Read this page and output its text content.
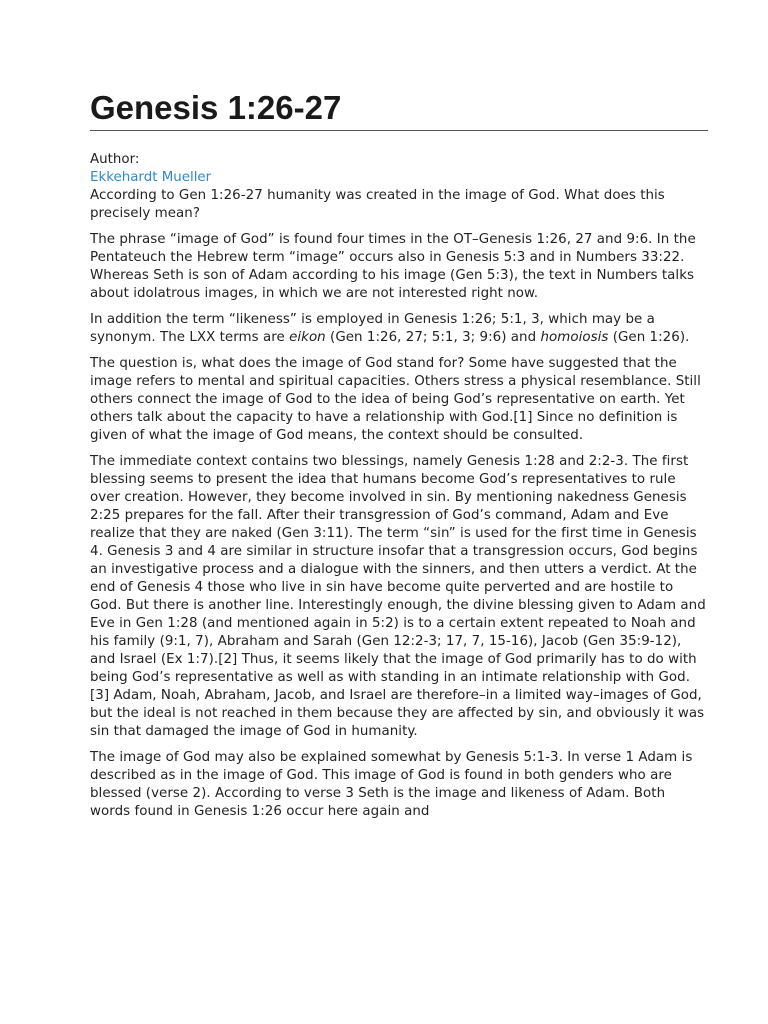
Genesis 1:26-27
Author:
Ekkehardt Mueller

According to Gen 1:26-27 humanity was created in the image of God. What does this precisely mean?

The phrase “image of God” is found four times in the OT–Genesis 1:26, 27 and 9:6. In the Pentateuch the Hebrew term “image” occurs also in Genesis 5:3 and in Numbers 33:22. Whereas Seth is son of Adam according to his image (Gen 5:3), the text in Numbers talks about idolatrous images, in which we are not interested right now.

In addition the term “likeness” is employed in Genesis 1:26; 5:1, 3, which may be a synonym. The LXX terms are eikon (Gen 1:26, 27; 5:1, 3; 9:6) and homoiosis (Gen 1:26).

The question is, what does the image of God stand for? Some have suggested that the image refers to mental and spiritual capacities. Others stress a physical resemblance. Still others connect the image of God to the idea of being God’s representative on earth. Yet others talk about the capacity to have a relationship with God.[1] Since no definition is given of what the image of God means, the context should be consulted.

The immediate context contains two blessings, namely Genesis 1:28 and 2:2-3. The first blessing seems to present the idea that humans become God’s representatives to rule over creation. However, they become involved in sin. By mentioning nakedness Genesis 2:25 prepares for the fall. After their transgression of God’s command, Adam and Eve realize that they are naked (Gen 3:11). The term “sin” is used for the first time in Genesis 4. Genesis 3 and 4 are similar in structure insofar that a transgression occurs, God begins an investigative process and a dialogue with the sinners, and then utters a verdict. At the end of Genesis 4 those who live in sin have become quite perverted and are hostile to God. But there is another line. Interestingly enough, the divine blessing given to Adam and Eve in Gen 1:28 (and mentioned again in 5:2) is to a certain extent repeated to Noah and his family (9:1, 7), Abraham and Sarah (Gen 12:2-3; 17, 7, 15-16), Jacob (Gen 35:9-12), and Israel (Ex 1:7).[2] Thus, it seems likely that the image of God primarily has to do with being God’s representative as well as with standing in an intimate relationship with God.[3] Adam, Noah, Abraham, Jacob, and Israel are therefore–in a limited way–images of God, but the ideal is not reached in them because they are affected by sin, and obviously it was sin that damaged the image of God in humanity.

The image of God may also be explained somewhat by Genesis 5:1-3. In verse 1 Adam is described as in the image of God. This image of God is found in both genders who are blessed (verse 2). According to verse 3 Seth is the image and likeness of Adam. Both words found in Genesis 1:26 occur here again and
